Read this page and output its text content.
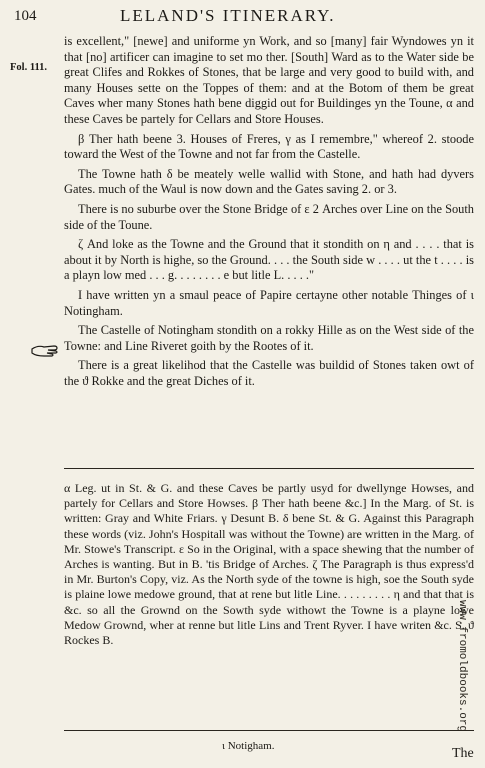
104	LELAND'S ITINERARY.
Fol. 111.

is excellent," [newe] and uniforme yn Work, and so [many] fair Wyndowes yn it that [no] artificer can imagine to set mo ther. [South] Ward as to the Water side be great Clifes and Rokkes of Stones, that be large and very good to build with, and many Houses sette on the Toppes of them: and at the Botom of them be great Caves wher many Stones hath bene diggid out for Buildinges yn the Toune, α and these Caves be partely for Cellars and Store Houses.

β Ther hath beene 3. Houses of Freres, γ as I remembre," whereof 2. stoode toward the West of the Towne and not far from the Castelle.

The Towne hath δ be meately welle wallid with Stone, and hath had dyvers Gates. much of the Waul is now down and the Gates saving 2. or 3.

There is no suburbe over the Stone Bridge of ε 2 Arches over Line on the South side of the Toune.

ζ And loke as the Towne and the Ground that it stondith on η and . . . . that is about it by North is highe, so the Ground. . . . the South side w . . . . ut the t . . . . is a playn low med . . . g. . . . . . . . e but litle L. . . . ."

I have written yn a smaul peace of Papire certayne other notable Thinges of ι Notingham.

The Castelle of Notingham stondith on a rokky Hille as on the West side of the Towne: and Line Riveret goith by the Rootes of it.

There is a great likelihod that the Castelle was buildid of Stones taken owt of the ϑ Rokke and the great Diches of it.

α Leg. ut in St. & G. and these Caves be partly usyd for dwellynge Howses, and partely for Cellars and Store Howses. β Ther hath beene &c.] In the Marg. of St. is written: Gray and White Friars. γ Desunt B. δ bene St. & G. Against this Paragraph these words (viz. John's Hospitall was without the Towne) are written in the Marg. of Mr. Stowe's Transcript. ε So in the Original, with a space shewing that the number of Arches is wanting. But in B. 'tis Bridge of Arches. ζ The Paragraph is thus express'd in Mr. Burton's Copy, viz. As the North syde of the towne is high, soe the South syde is plaine lowe medowe ground, that at rene but litle Line. . . . . . . . . η and that that is &c. so all the Grownd on the Sowth syde withowt the Towne is a playne lowe Medow Grownd, wher at renne but litle Lins and Trent Ryver. I have writen &c. S. ϑ Rockes B.

ι Notigham.	The
www.fromoldbooks.org
